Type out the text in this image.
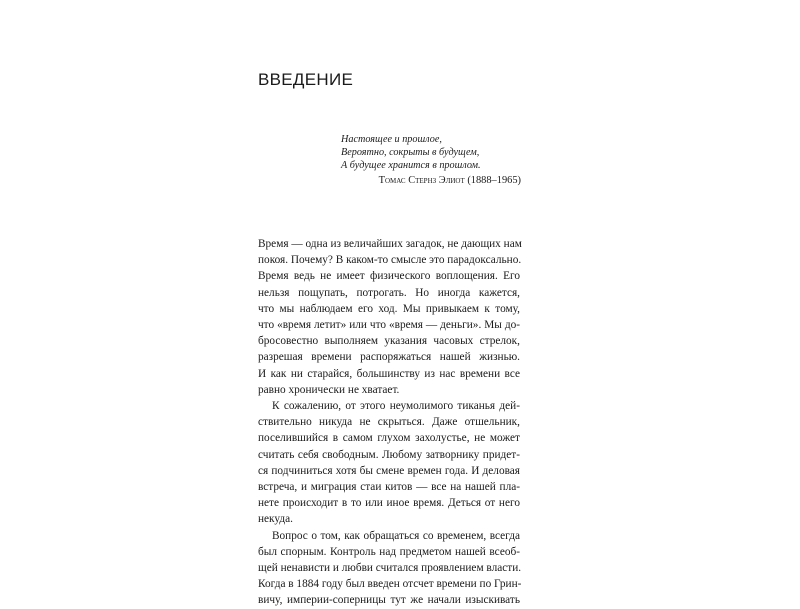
ВВЕДЕНИЕ
Настоящее и прошлое,
Вероятно, сокрыты в будущем,
А будущее хранится в прошлом.
Томас Стернз Элиот (1888–1965)
Время — одна из величайших загадок, не дающих нам
покоя. Почему? В каком-то смысле это парадоксально.
Время ведь не имеет физического воплощения. Его
нельзя пощупать, потрогать. Но иногда кажется,
что мы наблюдаем его ход. Мы привыкаем к тому,
что «время летит» или что «время — деньги». Мы до-
бросовестно выполняем указания часовых стрелок,
разрешая времени распоряжаться нашей жизнью.
И как ни старайся, большинству из нас времени все
равно хронически не хватает.
К сожалению, от этого неумолимого тиканья дей-
ствительно никуда не скрыться. Даже отшельник,
поселившийся в самом глухом захолустье, не может
считать себя свободным. Любому затворнику придет-
ся подчиниться хотя бы смене времен года. И деловая
встреча, и миграция стаи китов — все на нашей пла-
нете происходит в то или иное время. Деться от него
некуда.
Вопрос о том, как обращаться со временем, всегда
был спорным. Контроль над предметом нашей всеоб-
щей ненависти и любви считался проявлением власти.
Когда в 1884 году был введен отсчет времени по Грин-
вичу, империи-соперницы тут же начали изыскивать
